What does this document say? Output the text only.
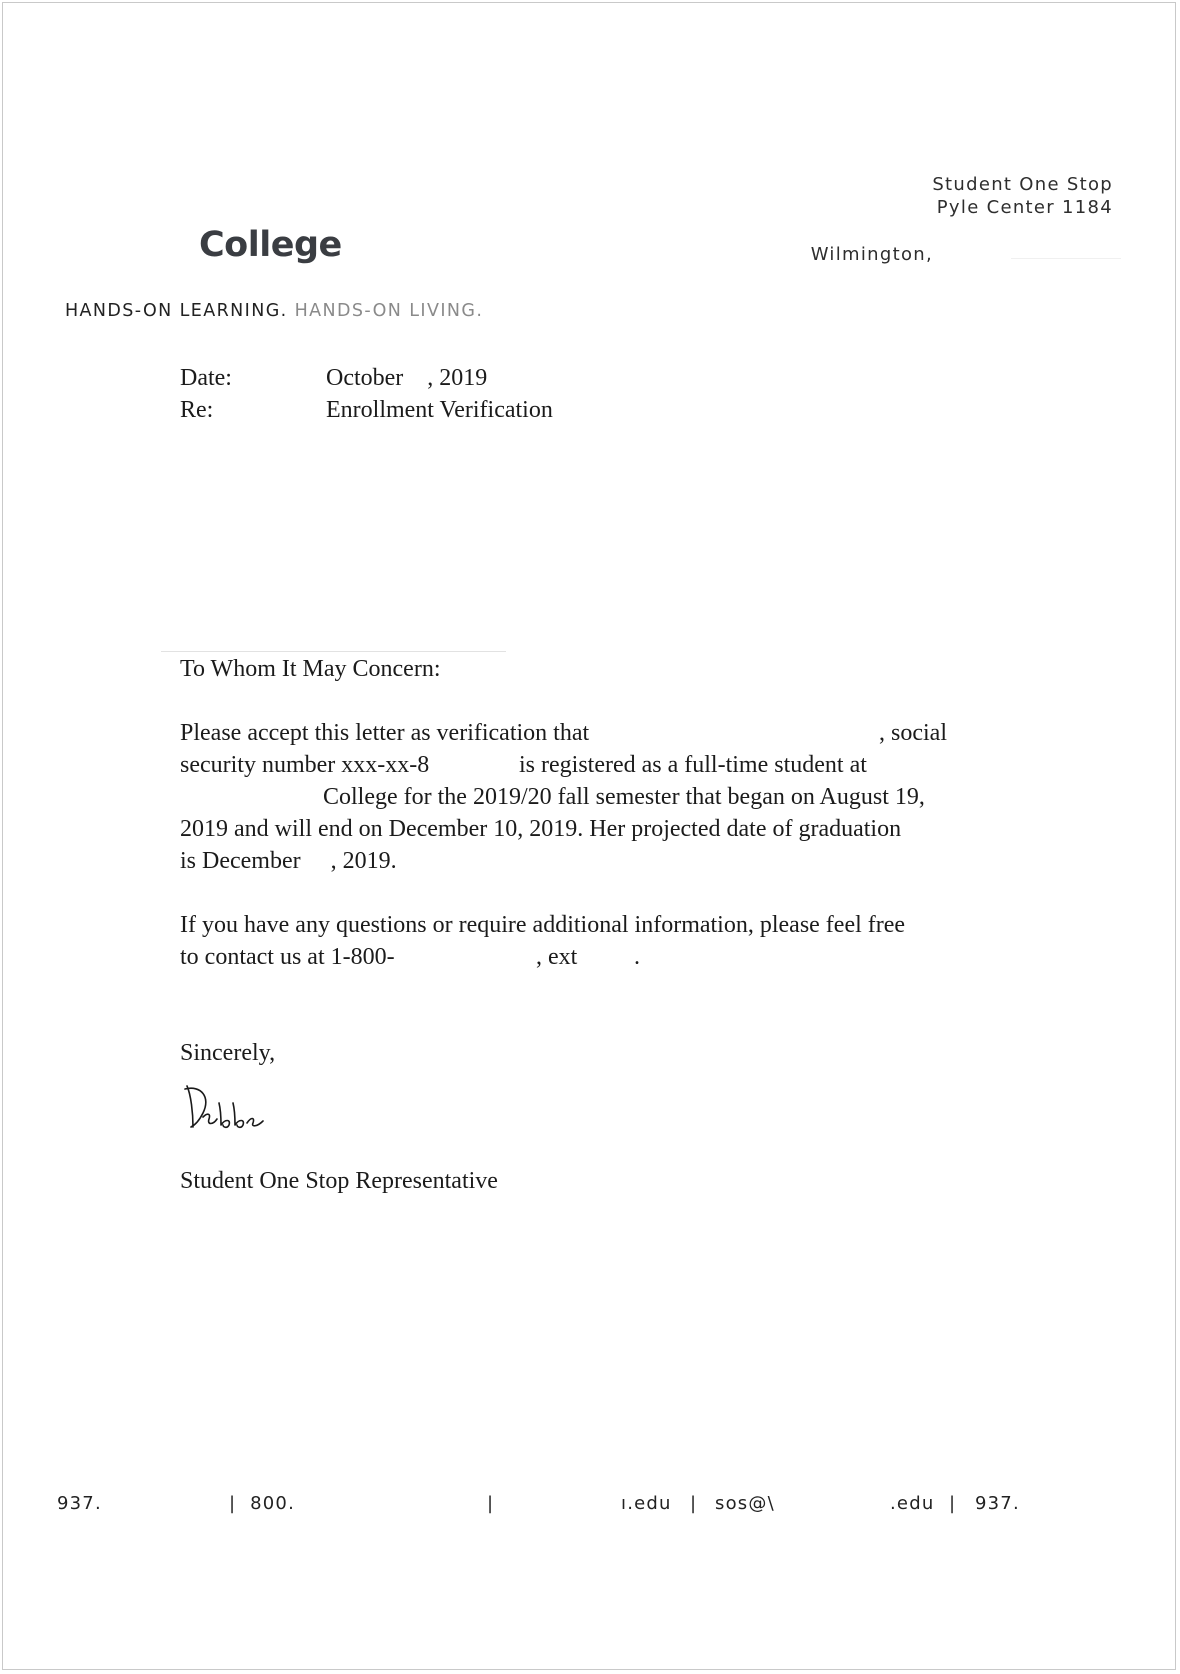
Student One Stop
Pyle Center 1184
Wilmington,
College
HANDS-ON LEARNING. HANDS-ON LIVING.
Date:	October    , 2019
Re:	Enrollment Verification
To Whom It May Concern:
Please accept this letter as verification that	, social
security number xxx-xx-8	is registered as a full-time student at
College for the 2019/20 fall semester that began on August 19,
2019 and will end on December 10, 2019. Her projected date of graduation
is December     , 2019.
If you have any questions or require additional information, please feel free
to contact us at 1-800-	, ext .
Sincerely,
Student One Stop Representative
937.	|  800.	|	ı.edu | sos@\	.edu | 937.
